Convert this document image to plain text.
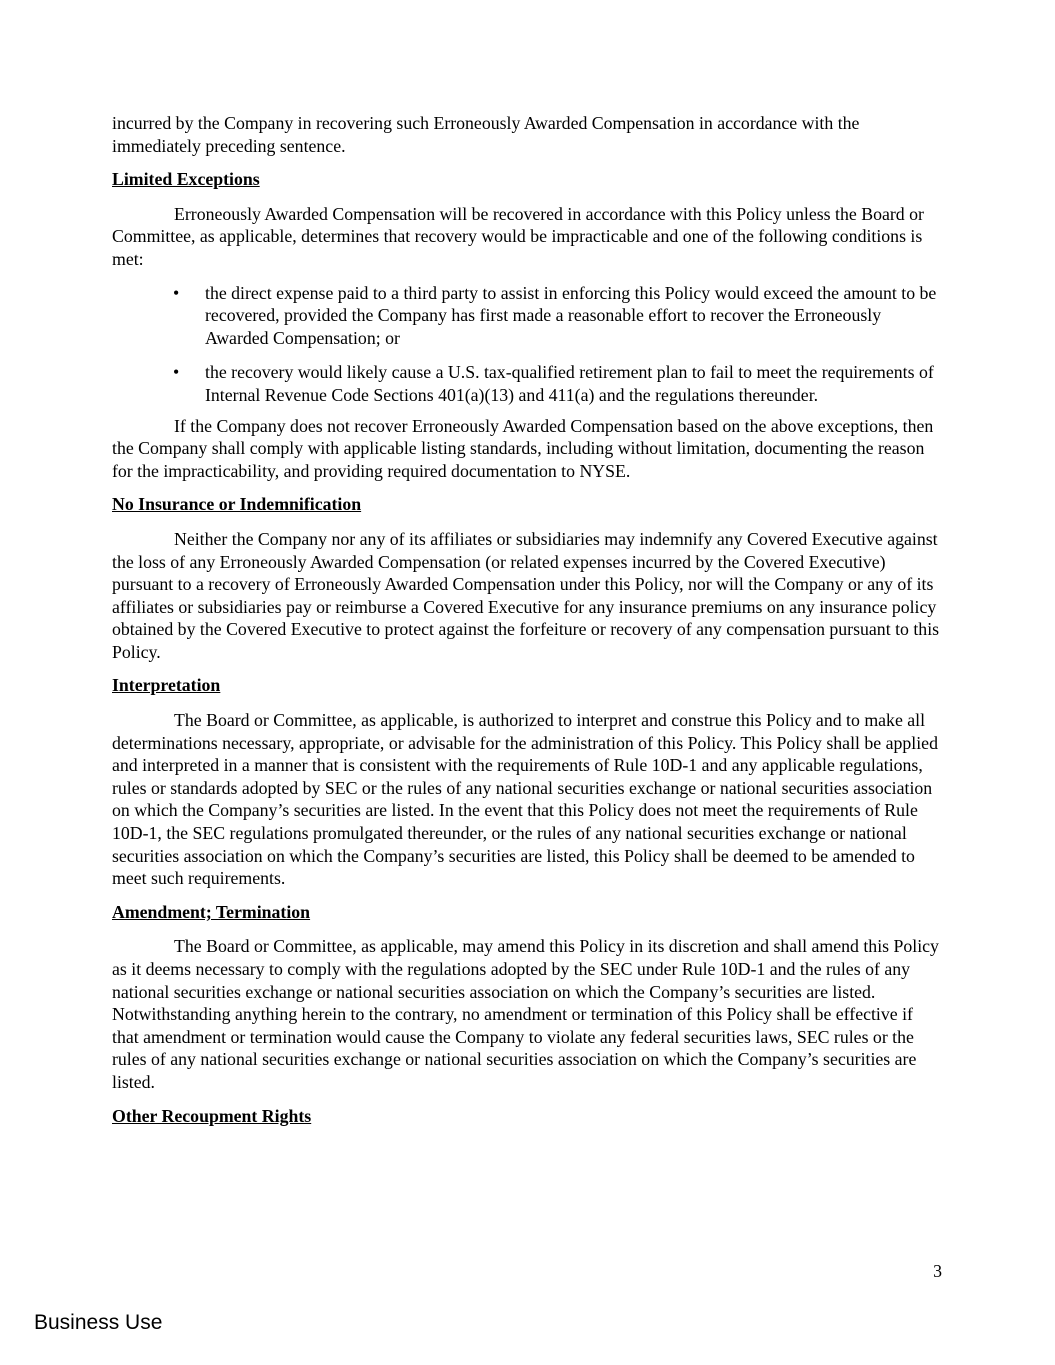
incurred by the Company in recovering such Erroneously Awarded Compensation in accordance with the immediately preceding sentence.

Limited Exceptions

Erroneously Awarded Compensation will be recovered in accordance with this Policy unless the Board or Committee, as applicable, determines that recovery would be impracticable and one of the following conditions is met:

• the direct expense paid to a third party to assist in enforcing this Policy would exceed the amount to be recovered, provided the Company has first made a reasonable effort to recover the Erroneously Awarded Compensation; or
• the recovery would likely cause a U.S. tax-qualified retirement plan to fail to meet the requirements of Internal Revenue Code Sections 401(a)(13) and 411(a) and the regulations thereunder.

If the Company does not recover Erroneously Awarded Compensation based on the above exceptions, then the Company shall comply with applicable listing standards, including without limitation, documenting the reason for the impracticability, and providing required documentation to NYSE.

No Insurance or Indemnification

Neither the Company nor any of its affiliates or subsidiaries may indemnify any Covered Executive against the loss of any Erroneously Awarded Compensation (or related expenses incurred by the Covered Executive) pursuant to a recovery of Erroneously Awarded Compensation under this Policy, nor will the Company or any of its affiliates or subsidiaries pay or reimburse a Covered Executive for any insurance premiums on any insurance policy obtained by the Covered Executive to protect against the forfeiture or recovery of any compensation pursuant to this Policy.

Interpretation

The Board or Committee, as applicable, is authorized to interpret and construe this Policy and to make all determinations necessary, appropriate, or advisable for the administration of this Policy. This Policy shall be applied and interpreted in a manner that is consistent with the requirements of Rule 10D-1 and any applicable regulations, rules or standards adopted by SEC or the rules of any national securities exchange or national securities association on which the Company’s securities are listed. In the event that this Policy does not meet the requirements of Rule 10D-1, the SEC regulations promulgated thereunder, or the rules of any national securities exchange or national securities association on which the Company’s securities are listed, this Policy shall be deemed to be amended to meet such requirements.

Amendment; Termination

The Board or Committee, as applicable, may amend this Policy in its discretion and shall amend this Policy as it deems necessary to comply with the regulations adopted by the SEC under Rule 10D-1 and the rules of any national securities exchange or national securities association on which the Company’s securities are listed. Notwithstanding anything herein to the contrary, no amendment or termination of this Policy shall be effective if that amendment or termination would cause the Company to violate any federal securities laws, SEC rules or the rules of any national securities exchange or national securities association on which the Company’s securities are listed.

Other Recoupment Rights

3
Business Use
